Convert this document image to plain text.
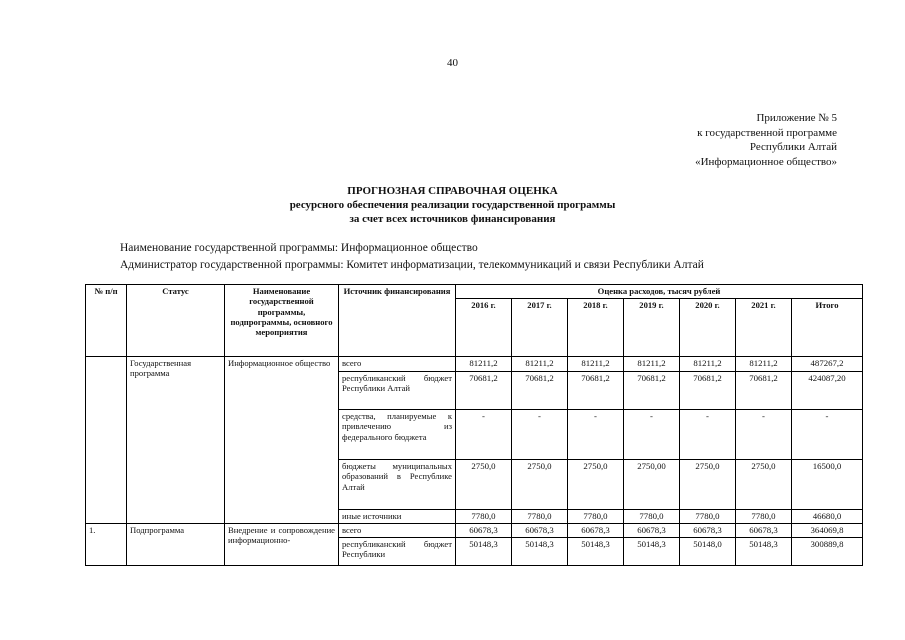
40
Приложение № 5
к государственной программе
Республики Алтай
«Информационное общество»
ПРОГНОЗНАЯ СПРАВОЧНАЯ ОЦЕНКА
ресурсного обеспечения реализации государственной программы
за счет всех источников финансирования
Наименование государственной программы: Информационное общество
Администратор государственной программы: Комитет информатизации, телекоммуникаций и связи Республики Алтай
№ п/п	Статус	Наименование государственной программы, подпрограммы, основного мероприятия	Источник финансирования	Оценка расходов, тысяч рублей						
				2016 г.	2017 г.	2018 г.	2019 г.	2020 г.	2021 г.	Итого
	Государственная программа	Информационное общество	всего	81211,2	81211,2	81211,2	81211,2	81211,2	81211,2	487267,2
			республиканский бюджет Республики Алтай	70681,2	70681,2	70681,2	70681,2	70681,2	70681,2	424087,20
			средства, планируемые к привлечению из федерального бюджета	-	-	-	-	-	-	-
			бюджеты муниципальных образований в Республике Алтай	2750,0	2750,0	2750,0	2750,00	2750,0	2750,0	16500,0
			иные источники	7780,0	7780,0	7780,0	7780,0	7780,0	7780,0	46680,0
1.	Подпрограмма	Внедрение и сопровождение информационно-	всего	60678,3	60678,3	60678,3	60678,3	60678,3	60678,3	364069,8
			республиканский бюджет Республики	50148,3	50148,3	50148,3	50148,3	50148,0	50148,3	300889,8
